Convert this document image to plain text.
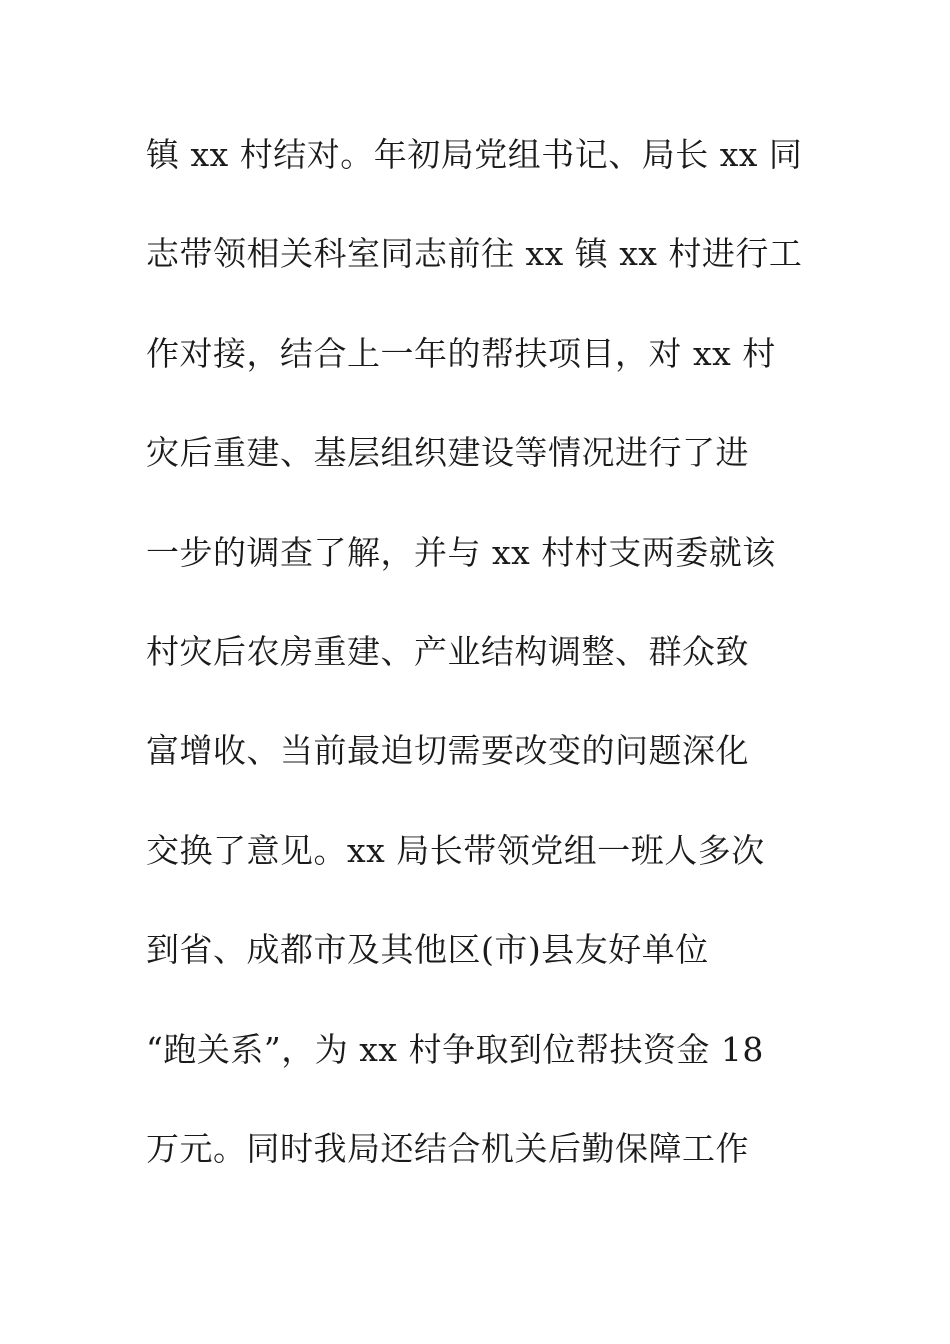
镇 xx 村结对。年初局党组书记、局长 xx 同
志带领相关科室同志前往 xx 镇 xx 村进行工
作对接，结合上一年的帮扶项目，对 xx 村
灾后重建、基层组织建设等情况进行了进
一步的调查了解，并与 xx 村村支两委就该
村灾后农房重建、产业结构调整、群众致
富增收、当前最迫切需要改变的问题深化
交换了意见。xx 局长带领党组一班人多次
到省、成都市及其他区(市)县友好单位
“跑关系”，为 xx 村争取到位帮扶资金 18
万元。同时我局还结合机关后勤保障工作
